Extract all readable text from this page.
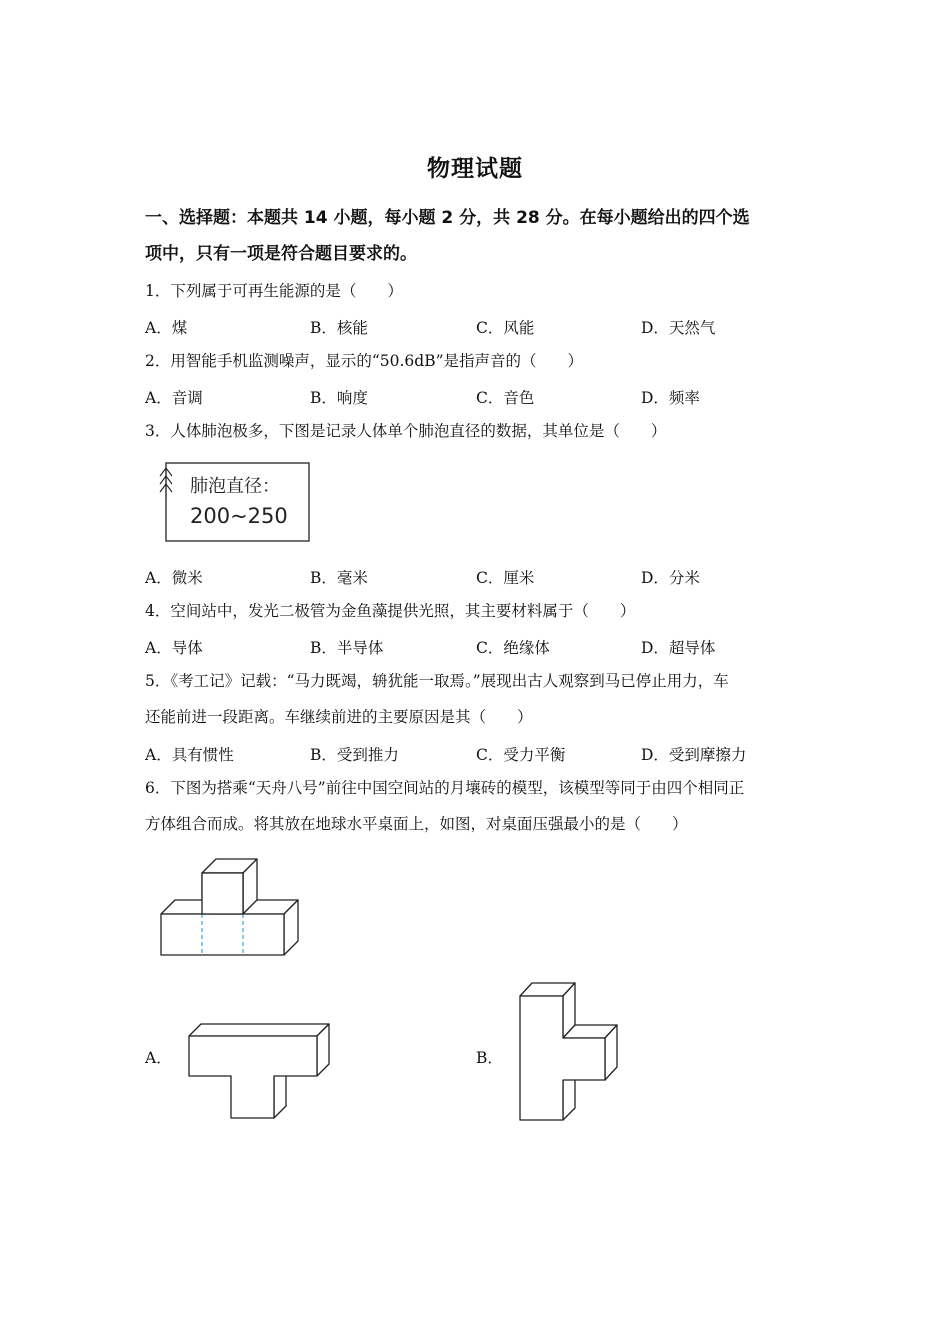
物理试题
一、选择题：本题共 14 小题，每小题 2 分，共 28 分。在每小题给出的四个选
项中，只有一项是符合题目要求的。
1．下列属于可再生能源的是（　　）
A．煤	B．核能	C．风能	D．天然气
2．用智能手机监测噪声，显示的“50.6dB”是指声音的（　　）
A．音调	B．响度	C．音色	D．频率
3．人体肺泡极多，下图是记录人体单个肺泡直径的数据，其单位是（　　）
肺泡直径：
200~250
A．微米	B．毫米	C．厘米	D．分米
4．空间站中，发光二极管为金鱼藻提供光照，其主要材料属于（　　）
A．导体	B．半导体	C．绝缘体	D．超导体
5．《考工记》记载：“马力既竭，辀犹能一取焉。”展现出古人观察到马已停止用力，车
还能前进一段距离。车继续前进的主要原因是其（　　）
A．具有惯性	B．受到推力	C．受力平衡	D．受到摩擦力
6．下图为搭乘“天舟八号”前往中国空间站的月壤砖的模型，该模型等同于由四个相同正
方体组合而成。将其放在地球水平桌面上，如图，对桌面压强最小的是（　　）
A．	B．
